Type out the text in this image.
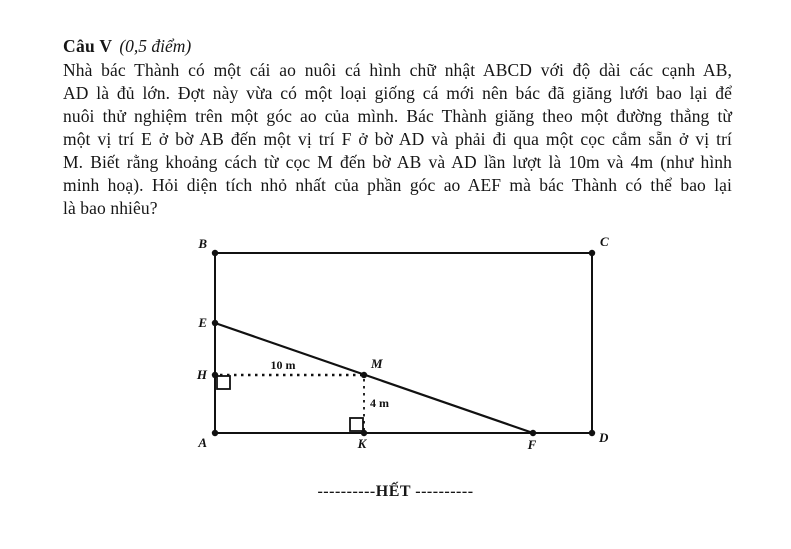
Câu V (0,5 điểm)
Nhà bác Thành có một cái ao nuôi cá hình chữ nhật ABCD với độ dài các cạnh AB,
AD là đủ lớn. Đợt này vừa có một loại giống cá mới nên bác đã giăng lưới bao lại để
nuôi thử nghiệm trên một góc ao của mình. Bác Thành giăng theo một đường thẳng từ
một vị trí E ở bờ AB đến một vị trí F ở bờ AD và phải đi qua một cọc cắm sẵn ở vị trí
M. Biết rằng khoảng cách từ cọc M đến bờ AB và AD lần lượt là 10m và 4m (như hình
minh hoạ). Hỏi diện tích nhỏ nhất của phần góc ao AEF mà bác Thành có thể bao lại
là bao nhiêu?
B	C
A	D
E
H
M
K	F
10 m
4 m
----------HẾT ----------
